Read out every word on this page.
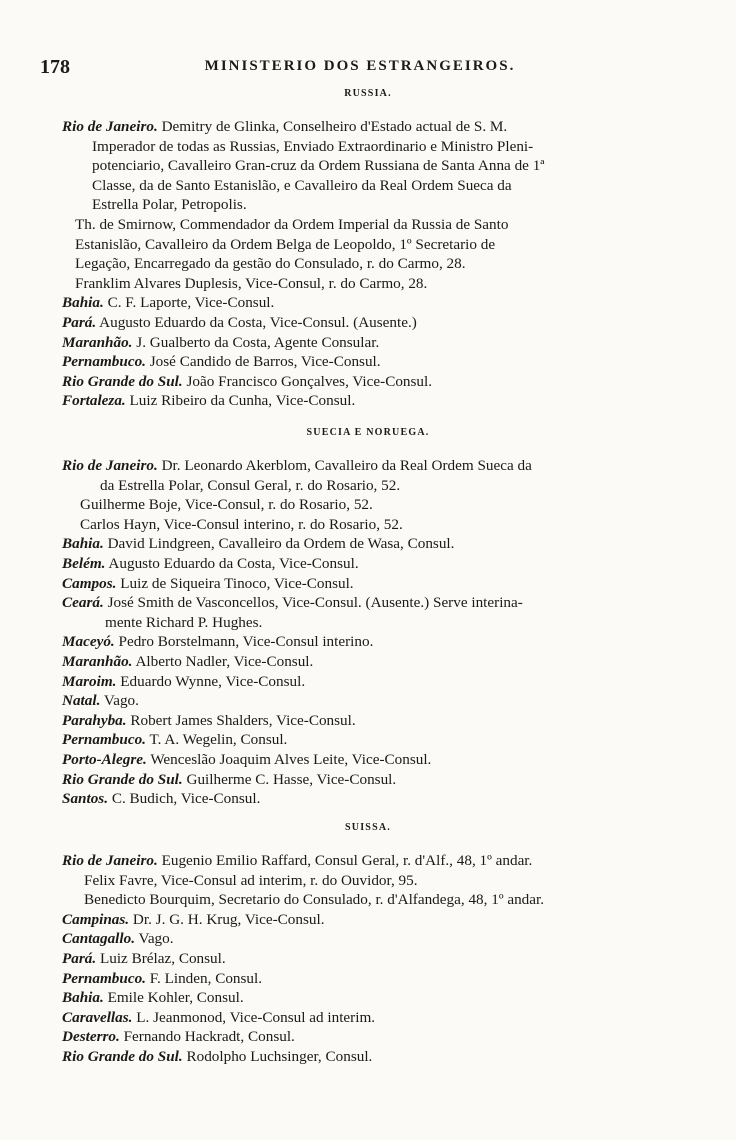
178	MINISTERIO DOS ESTRANGEIROS.
RUSSIA.
Rio de Janeiro. Demitry de Glinka, Conselheiro d'Estado actual de S. M.
Imperador de todas as Russias, Enviado Extraordinario e Ministro Pleni-
potenciario, Cavalleiro Gran-cruz da Ordem Russiana de Santa Anna de 1ª
Classe, da de Santo Estanislão, e Cavalleiro da Real Ordem Sueca da
Estrella Polar, Petropolis.
Th. de Smirnow, Commendador da Ordem Imperial da Russia de Santo
Estanislão, Cavalleiro da Ordem Belga de Leopoldo, 1º Secretario de
Legação, Encarregado da gestão do Consulado, r. do Carmo, 28.
Franklim Alvares Duplesis, Vice-Consul, r. do Carmo, 28.
Bahia. C. F. Laporte, Vice-Consul.
Pará. Augusto Eduardo da Costa, Vice-Consul. (Ausente.)
Maranhão. J. Gualberto da Costa, Agente Consular.
Pernambuco. José Candido de Barros, Vice-Consul.
Rio Grande do Sul. João Francisco Gonçalves, Vice-Consul.
Fortaleza. Luiz Ribeiro da Cunha, Vice-Consul.
SUECIA E NORUEGA.
Rio de Janeiro. Dr. Leonardo Akerblom, Cavalleiro da Real Ordem Sueca da
da Estrella Polar, Consul Geral, r. do Rosario, 52.
Guilherme Boje, Vice-Consul, r. do Rosario, 52.
Carlos Hayn, Vice-Consul interino, r. do Rosario, 52.
Bahia. David Lindgreen, Cavalleiro da Ordem de Wasa, Consul.
Belém. Augusto Eduardo da Costa, Vice-Consul.
Campos. Luiz de Siqueira Tinoco, Vice-Consul.
Ceará. José Smith de Vasconcellos, Vice-Consul. (Ausente.) Serve interina-
mente Richard P. Hughes.
Maceyó. Pedro Borstelmann, Vice-Consul interino.
Maranhão. Alberto Nadler, Vice-Consul.
Maroim. Eduardo Wynne, Vice-Consul.
Natal. Vago.
Parahyba. Robert James Shalders, Vice-Consul.
Pernambuco. T. A. Wegelin, Consul.
Porto-Alegre. Wenceslão Joaquim Alves Leite, Vice-Consul.
Rio Grande do Sul. Guilherme C. Hasse, Vice-Consul.
Santos. C. Budich, Vice-Consul.
SUISSA.
Rio de Janeiro. Eugenio Emilio Raffard, Consul Geral, r. d'Alf., 48, 1º andar.
Felix Favre, Vice-Consul ad interim, r. do Ouvidor, 95.
Benedicto Bourquim, Secretario do Consulado, r. d'Alfandega, 48, 1º andar.
Campinas. Dr. J. G. H. Krug, Vice-Consul.
Cantagallo. Vago.
Pará. Luiz Brélaz, Consul.
Pernambuco. F. Linden, Consul.
Bahia. Emile Kohler, Consul.
Caravellas. L. Jeanmonod, Vice-Consul ad interim.
Desterro. Fernando Hackradt, Consul.
Rio Grande do Sul. Rodolpho Luchsinger, Consul.
